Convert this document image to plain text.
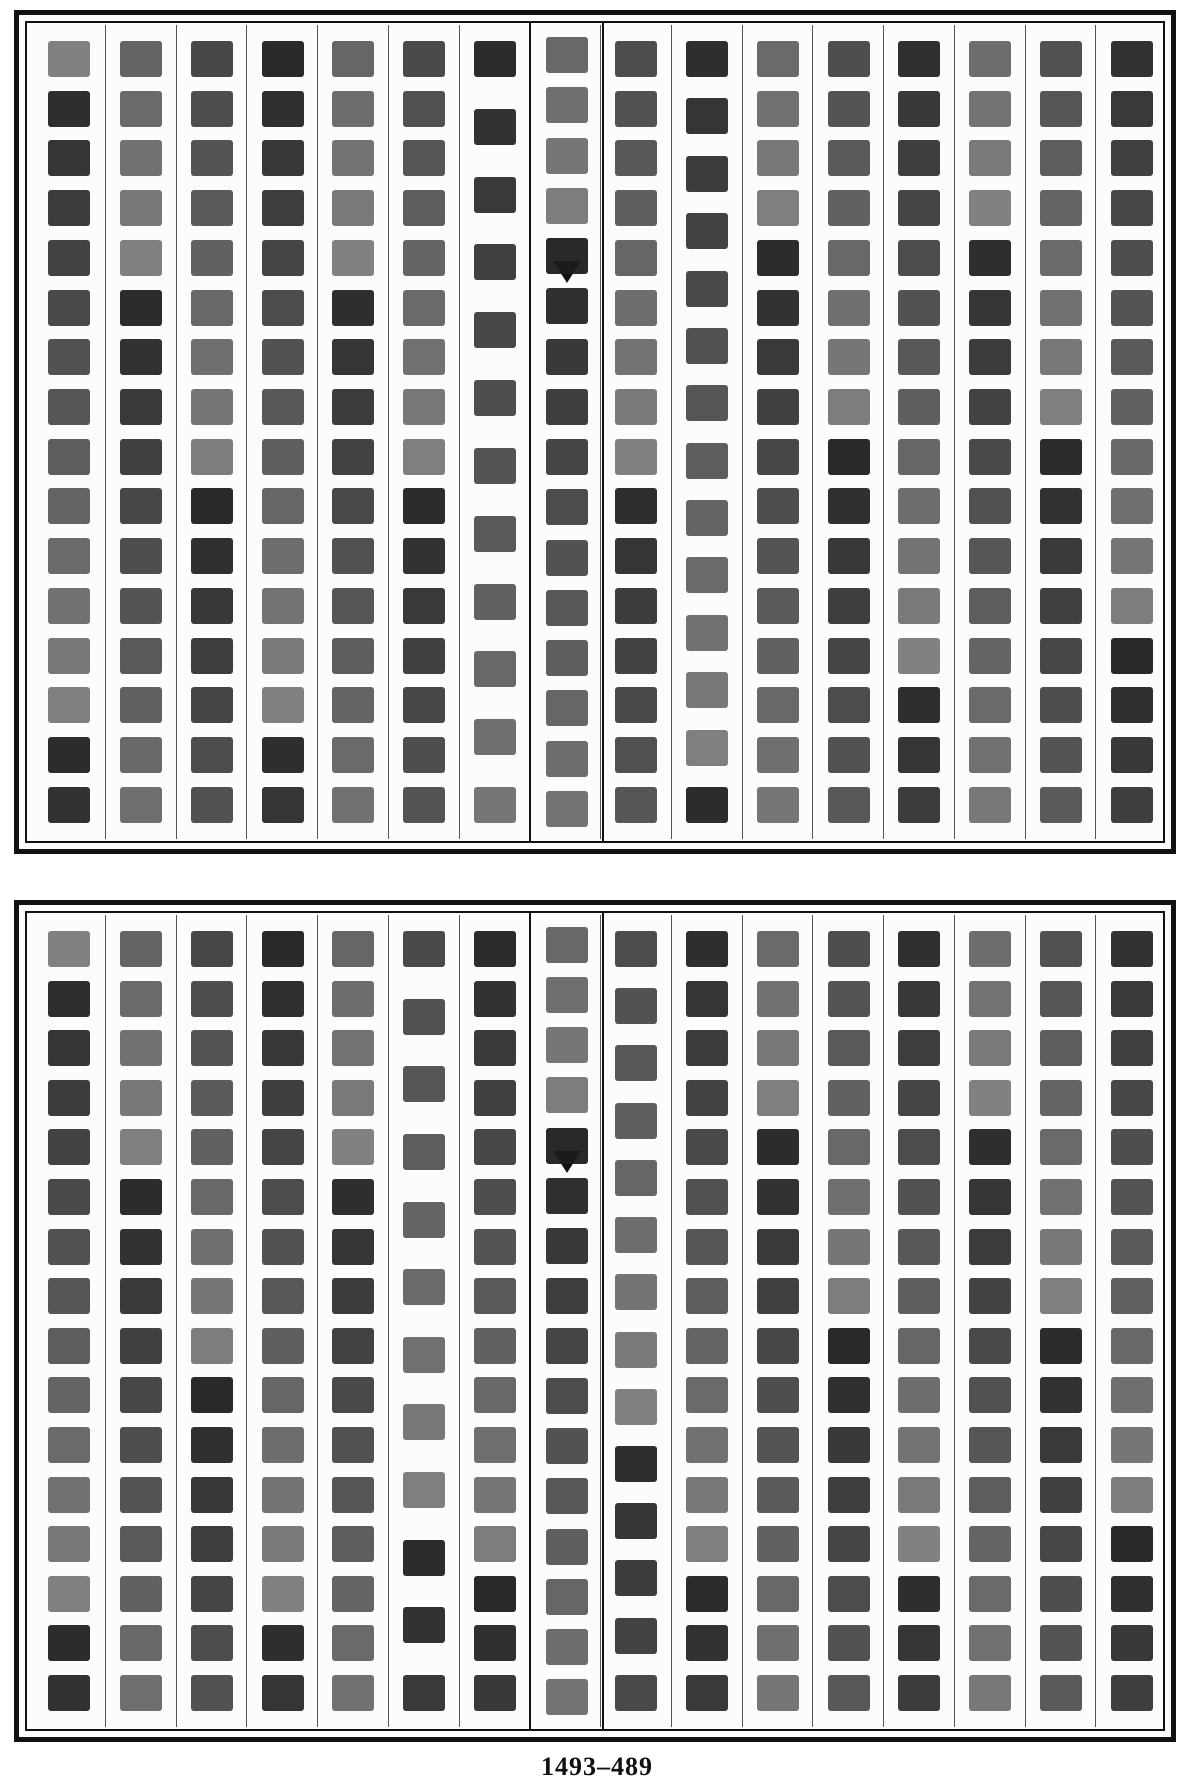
1493–489
